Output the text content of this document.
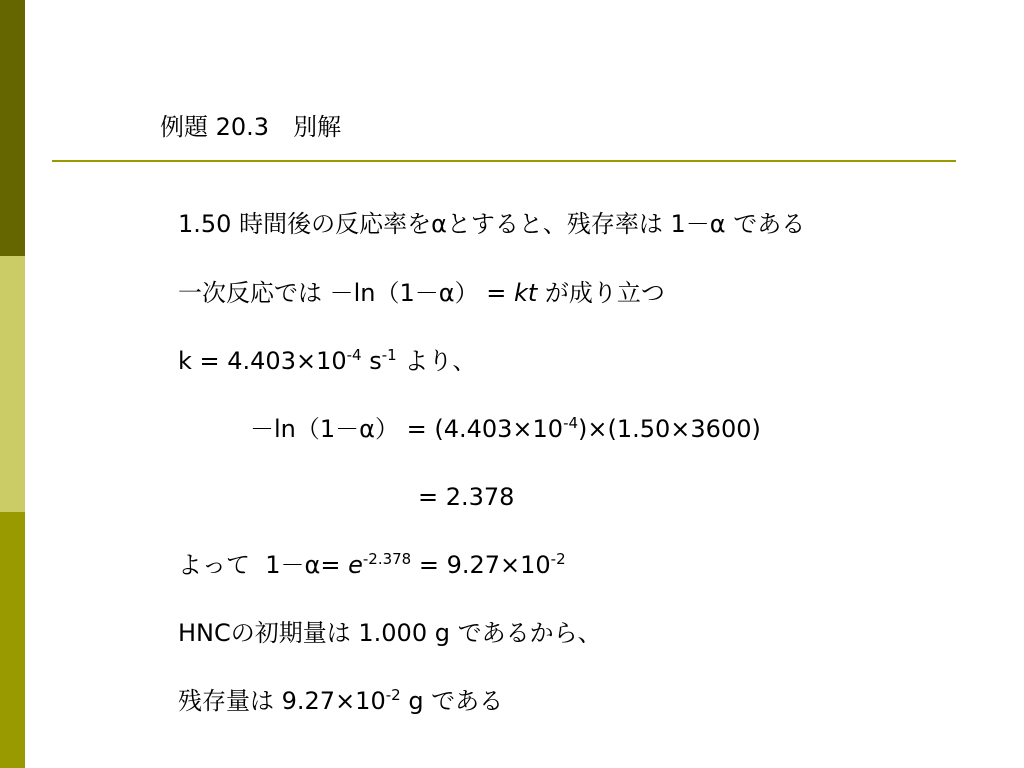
例題 20.3　別解
1.50 時間後の反応率をαとすると、残存率は 1－α である
一次反応では －ln（1－α） = kt が成り立つ
$k = 4.403\times 10^{-4}$ $s^{-1}$ より、
$-\ln(1-\alpha) = (4.403\times 10^{-4})\times(1.50\times 3600)$
= 2.378
よって  $1-\alpha= e^{-2.378} = 9.27\times 10^{-2}$
HNCの初期量は 1.000 g であるから、
残存量は $9.27\times 10^{-2}$ g である
